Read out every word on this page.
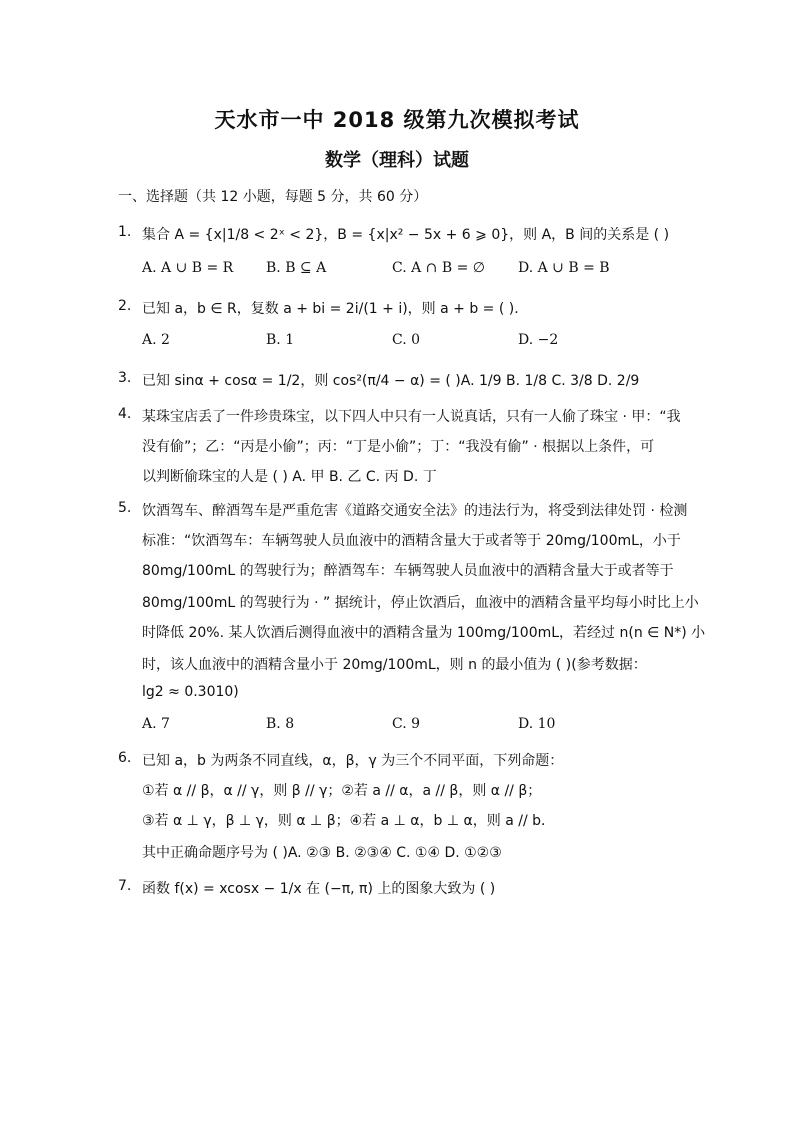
天水市一中 2018 级第九次模拟考试
数学（理科）试题
一、选择题（共 12 小题，每题 5 分，共 60 分）
1. 集合 A = {x|1/8 < 2ˣ < 2}，B = {x|x² − 5x + 6 ⩾ 0}，则 A，B 间的关系是 ( )
A. A ∪ B = R B. B ⊆ A	C. A ∩ B = ∅ D. A ∪ B = B
2. 已知 a，b ∈ R，复数 a + bi = 2i/(1 + i)，则 a + b = ( ).
A. 2	B. 1	C. 0	D. −2
3. 已知 sinα + cosα = 1/2，则 cos²(π/4 − α) = ( )A. 1/9 B. 1/8 C. 3/8 D. 2/9
4. 某珠宝店丢了一件珍贵珠宝，以下四人中只有一人说真话，只有一人偷了珠宝 · 甲：“我
没有偷”；乙：“丙是小偷”；丙：“丁是小偷”；丁：“我没有偷” · 根据以上条件，可
以判断偷珠宝的人是 ( ) A. 甲 B. 乙 C. 丙 D. 丁
5. 饮酒驾车、醉酒驾车是严重危害《道路交通安全法》的违法行为，将受到法律处罚 · 检测
标准：“饮酒驾车：车辆驾驶人员血液中的酒精含量大于或者等于 20mg/100mL，小于
80mg/100mL 的驾驶行为；醉酒驾车：车辆驾驶人员血液中的酒精含量大于或者等于
80mg/100mL 的驾驶行为 · ” 据统计，停止饮酒后，血液中的酒精含量平均每小时比上小
时降低 20%. 某人饮酒后测得血液中的酒精含量为 100mg/100mL，若经过 n(n ∈ N*) 小
时，该人血液中的酒精含量小于 20mg/100mL，则 n 的最小值为 ( )(参考数据：
lg2 ≈ 0.3010)
A. 7	B. 8	C. 9	D. 10
6. 已知 a，b 为两条不同直线，α，β，γ 为三个不同平面，下列命题：
①若 α // β，α // γ，则 β // γ；②若 a // α，a // β，则 α // β；
③若 α ⊥ γ，β ⊥ γ，则 α ⊥ β；④若 a ⊥ α，b ⊥ α，则 a // b．
其中正确命题序号为 ( )A. ②③ B. ②③④ C. ①④ D. ①②③
7. 函数 f(x) = xcosx − 1/x 在 (−π, π) 上的图象大致为 ( )
